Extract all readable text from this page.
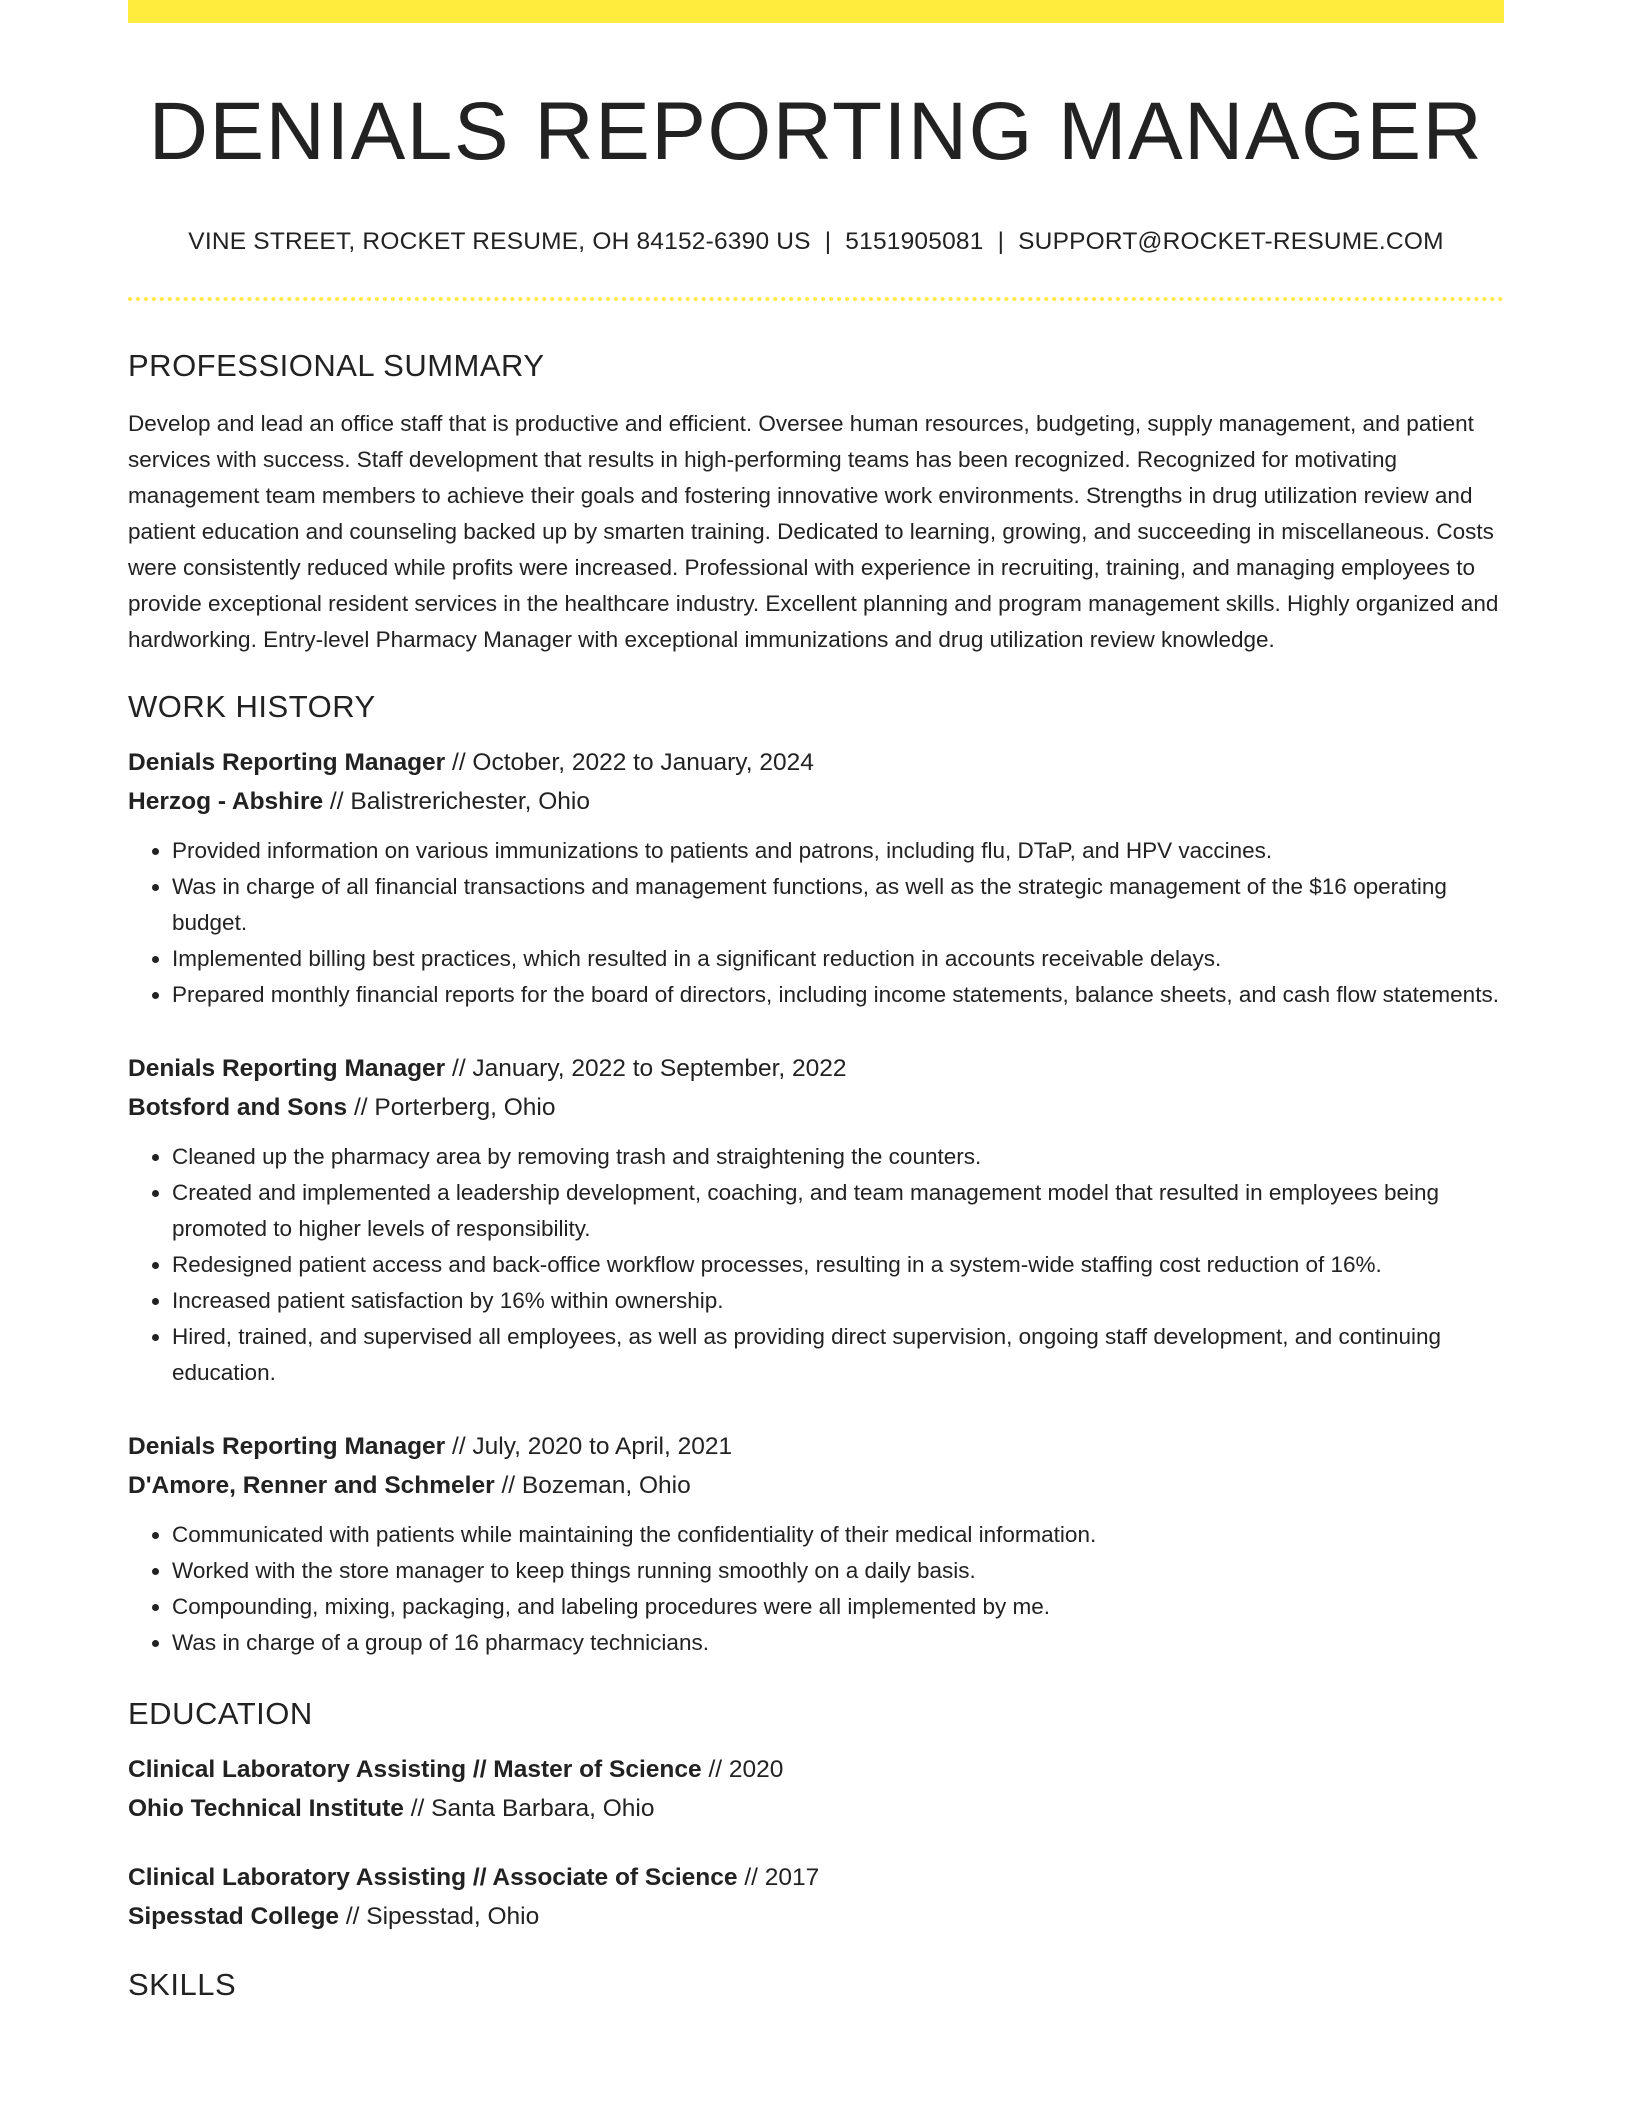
DENIALS REPORTING MANAGER
VINE STREET, ROCKET RESUME, OH 84152-6390 US | 5151905081 | SUPPORT@ROCKET-RESUME.COM
PROFESSIONAL SUMMARY

Develop and lead an office staff that is productive and efficient. Oversee human resources, budgeting, supply management, and patient services with success. Staff development that results in high-performing teams has been recognized. Recognized for motivating management team members to achieve their goals and fostering innovative work environments. Strengths in drug utilization review and patient education and counseling backed up by smarten training. Dedicated to learning, growing, and succeeding in miscellaneous. Costs were consistently reduced while profits were increased. Professional with experience in recruiting, training, and managing employees to provide exceptional resident services in the healthcare industry. Excellent planning and program management skills. Highly organized and hardworking. Entry-level Pharmacy Manager with exceptional immunizations and drug utilization review knowledge.

WORK HISTORY
Denials Reporting Manager // October, 2022 to January, 2024
Herzog - Abshire // Balistrerichester, Ohio
• Provided information on various immunizations to patients and patrons, including flu, DTaP, and HPV vaccines.
• Was in charge of all financial transactions and management functions, as well as the strategic management of the $16 operating budget.
• Implemented billing best practices, which resulted in a significant reduction in accounts receivable delays.
• Prepared monthly financial reports for the board of directors, including income statements, balance sheets, and cash flow statements.
Denials Reporting Manager // January, 2022 to September, 2022
Botsford and Sons // Porterberg, Ohio
• Cleaned up the pharmacy area by removing trash and straightening the counters.
• Created and implemented a leadership development, coaching, and team management model that resulted in employees being promoted to higher levels of responsibility.
• Redesigned patient access and back-office workflow processes, resulting in a system-wide staffing cost reduction of 16%.
• Increased patient satisfaction by 16% within ownership.
• Hired, trained, and supervised all employees, as well as providing direct supervision, ongoing staff development, and continuing education.
Denials Reporting Manager // July, 2020 to April, 2021
D'Amore, Renner and Schmeler // Bozeman, Ohio
• Communicated with patients while maintaining the confidentiality of their medical information.
• Worked with the store manager to keep things running smoothly on a daily basis.
• Compounding, mixing, packaging, and labeling procedures were all implemented by me.
• Was in charge of a group of 16 pharmacy technicians.
EDUCATION
Clinical Laboratory Assisting // Master of Science // 2020
Ohio Technical Institute // Santa Barbara, Ohio
Clinical Laboratory Assisting // Associate of Science // 2017
Sipesstad College // Sipesstad, Ohio
SKILLS
